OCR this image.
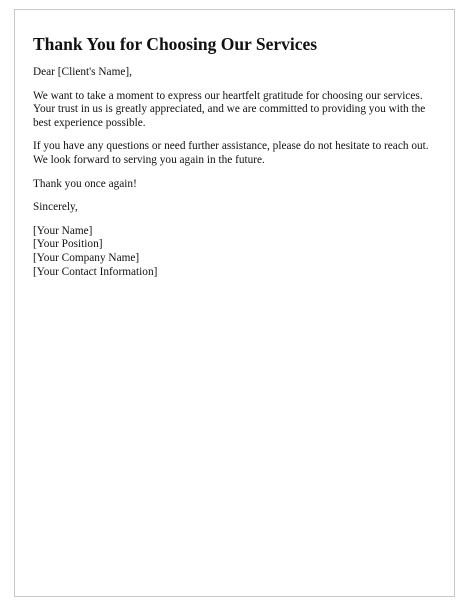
Thank You for Choosing Our Services

Dear [Client's Name],

We want to take a moment to express our heartfelt gratitude for choosing our services.
Your trust in us is greatly appreciated, and we are committed to providing you with the
best experience possible.

If you have any questions or need further assistance, please do not hesitate to reach out.
We look forward to serving you again in the future.

Thank you once again!

Sincerely,

[Your Name]
[Your Position]
[Your Company Name]
[Your Contact Information]
